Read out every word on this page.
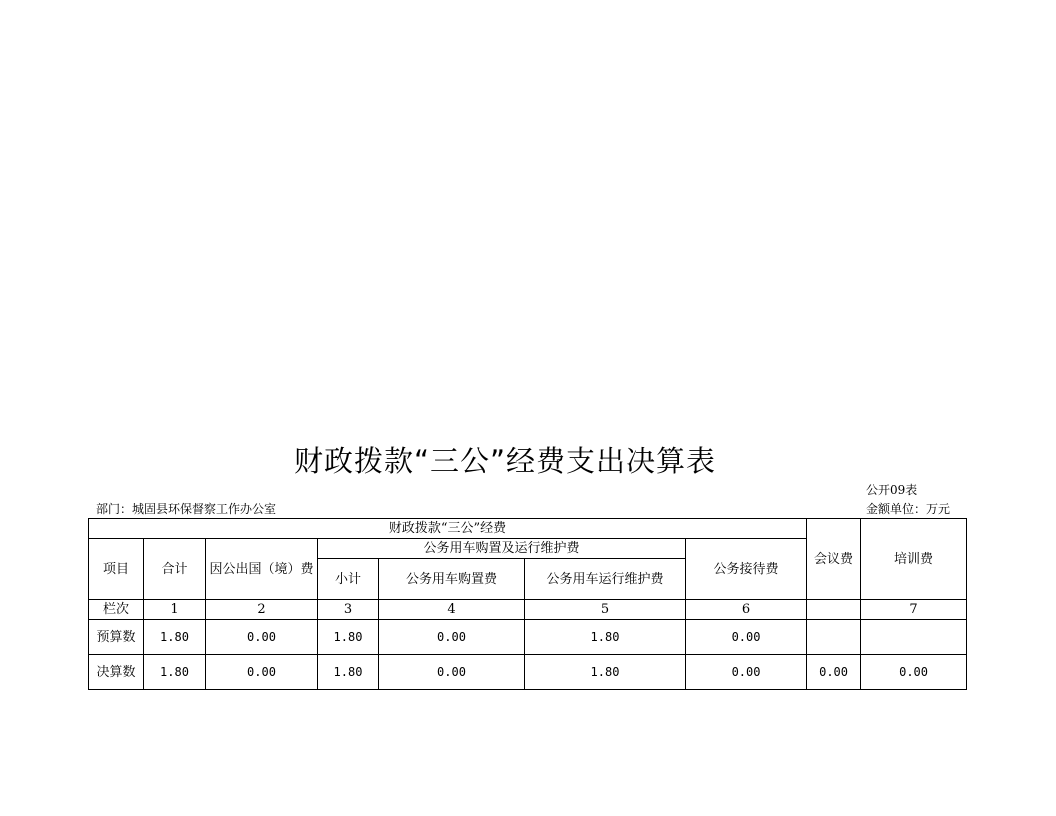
财政拨款“三公”经费支出决算表
公开09表
部门：城固县环保督察工作办公室	金额单位：万元
财政拨款“三公”经费							会议费	培训费
项目	合计	因公出国（境）费	公务用车购置及运行维护费			公务接待费		
			小计	公务用车购置费	公务用车运行维护费			
栏次	1	2	3	4	5	6		7
预算数	1.80	0.00	1.80	0.00	1.80	0.00		
决算数	1.80	0.00	1.80	0.00	1.80	0.00	0.00	0.00
